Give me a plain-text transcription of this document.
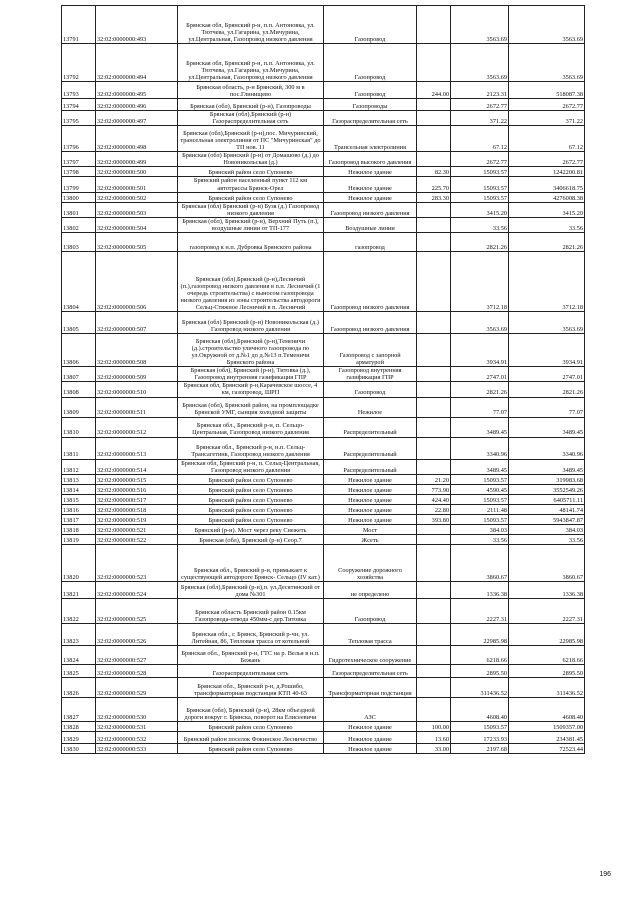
13791	32:02:0000000:493	Брянская обл, Брянский р-н, п.п. Антоновка, ул. Тютчева, ул.Гагарина, ул.Мичурина, ул.Центральная, Газопровод низкого давления	Газопровод		3563.69	3563.69
13792	32:02:0000000:494	Брянская обл, Брянский р-н, п.п. Антоновка, ул. Тютчева, ул.Гагарина, ул.Мичурина, ул.Центральная, Газопровод низкого давления	Газопровод		3563.69	3563.69
13793	32:02:0000000:495	Брянская область, р-н Брянский, 300 м в пос.Глинищево	Газопровод	244.00	2123.31	518087.38
13794	32:02:0000000:496	Брянская (обл), Брянский (р-н), Газопроводы	Газопроводы		2672.77	2672.77
13795	32:02:0000000:497	Брянская (обл),Брянский (р-н) Газораспределительная сеть	Газораспределительная сеть		371.22	371.22
13796	32:02:0000000:498	Брянская (обл),Брянский (р-н),пос. Мичуринский, трансельная электролиния от ПС "Мичуринская" до ТП нов. 11	Трансельная электролиния		67.12	67.12
13797	32:02:0000000:499	Брянская (обл) Брянский (р-н) от Домашово (д.) до Новоникольская (д.)	Газопровод высокого давления		2672.77	2672.77
13798	32:02:0000000:500	Брянский район село Супонево	Нежилое здание	82.30	15093.57	1242200.81
13799	32:02:0000000:501	Брянский район населенный пункт 112 км автотрассы Брянск-Орел	Нежилое здание	225.70	15093.57	3406618.75
13800	32:02:0000000:502	Брянский район село Супонево	Нежилое здание	283.30	15093.57	4276008.38
13801	32:02:0000000:503	Брянская (обл) Брянский (р-н) Бузя (д.) Газопровод низкого давления	Газопровод низкого давления		3415.20	3415.20
13802	32:02:0000000:504	Брянская (обл), Брянский (р-н), Верхний Путь (п.), воздушные линии от ТП-177	Воздушные линии		33.56	33.56
13803	32:02:0000000:505	газопровод к н.п. Дубровка Брянского района	газопровод		2821.26	2821.26
13804	32:02:0000000:506	Брянская (обл),Брянский (р-н),Лесничий (п.),газопровод низкого давления в п.п. Лесничий (1 очередь строительства) с выносом газопровода низкого давления из зоны строительства автодороги Сельц-Стяжное Лесничий в п. Лесничий	Газопровод низкого давления		3712.18	3712.18
13805	32:02:0000000:507	Брянская (обл) Брянский (р-н) Новоникольская (д.) Газопровод низкого давления	Газопровод низкого давления		3563.69	3563.69
13806	32:02:0000000:508	Брянская (обл),Брянский (р-н),Теменичи (д.).строительство уличного газопровода по ул.Окружной от д.№1 до д.№13 п.Теменичи Брянского района	Газопровод с запорной арматурой		3934.91	3934.91
13807	32:02:0000000:509	Брянская (обл), Брянский (р-н), Титовка (д.), Газопровод внутренняя газификация ГПР	Газопровод внутренняя газификация ГПР		2747.01	2747.01
13808	32:02:0000000:510	Брянская обл, Брянский р-н,Карачевское шоссе, 4 км, газопровод, ШРП	Газопровод		2821.26	2821.26
13809	32:02:0000000:511	Брянская (обл), Брянский район, на промплощадке Брянской УМГ, сынция холодной защиты	Нежилое		77.07	77.07
13810	32:02:0000000:512	Брянская обл., Брянский р-н, п. Сельцо-Центральная, Газопровод низкого давления	Распределительный		3489.45	3489.45
13811	32:02:0000000:513	Брянская обл., Брянский р-н, н.п. Сельц-Трансагетинк, Газопровод низкого давления	Распределительный		3340.96	3340.96
13812	32:02:0000000:514	Брянская обл, Брянский р-н, п. Сельц-Центральная, Газопровод низкого давления	Распределительный		3489.45	3489.45
13813	32:02:0000000:515	Брянский район село Супонево	Нежилое здание	21.20	15093.57	319983.68
13814	32:02:0000000:516	Брянский район село Супонево	Нежилое здание	773.90	4590.45	3552549.26
13815	32:02:0000000:517	Брянский район село Супонево	Нежилое здание	424.40	15093.57	6405711.11
13816	32:02:0000000:518	Брянский район село Супонево	Нежилое здание	22.80	2111.48	48141.74
13817	32:02:0000000:519	Брянский район село Супонево	Нежилое здание	393.80	15093.57	5943847.87
13818	32:02:0000000:521	Брянский (р-н). Мост через реку Снежеть	Мост		384.03	384.03
13819	32:02:0000000:522	Брянская (обл), Брянский (р-н) Сеор.7	Жсеть		33.56	33.56
13820	32:02:0000000:523	Брянская обл., Брянский р-н, примыкает к существующей автодороге Брянск- Сельцо (IV кат.)	Сооружение дорожного хозяйства		3860.67	3860.67
13821	32:02:0000000:524	Брянская (обл),Брянский (р-н),п. ул.Десятинский от дома №301	не определено		1336.38	1336.38
13822	32:02:0000000:525	Брянская область Брянский район 0.15км Газопровода-отвода 450мм-с дер.Титовка	Газопровод		2227.31	2227.31
13823	32:02:0000000:526	Брянская обл., г. Брянск, Брянский р-чн, ул. Литейная, 86, Тепловая трасса от котельной	Тепловая трасса		22985.98	22985.98
13824	32:02:0000000:527	Брянская обл., Брянский р-н, ГТС на р. Велья в н.п. Бежань	Гидротехническое сооружение		6218.66	6218.66
13825	32:02:0000000:528	Газораспределительная сеть	Газораспределительная сеть		2895.50	2895.50
13826	32:02:0000000:529	Брянская обл., Брянский р-н, д.Рошибо, трансформаторная подстанция КТП 40-63	Трансформаторная подстанция		311436.52	311436.52
13827	32:02:0000000:530	Брянская (обл), Брянский (р-н), 28км объездной дороги вокруг г. Брянска, поворот на Елисеевичи	АЗС		4608.40	4608.40
13828	32:02:0000000:531	Брянский район село Супонево	Нежилое здание	100.00	15093.57	1509357.00
13829	32:02:0000000:532	Брянский район поселок Фокинское Лесничество	Нежилое здание	13.60	17233.93	234381.45
13830	32:02:0000000:533	Брянский район село Супонево	Нежилое здание	33.00	2197.68	72523.44
196
